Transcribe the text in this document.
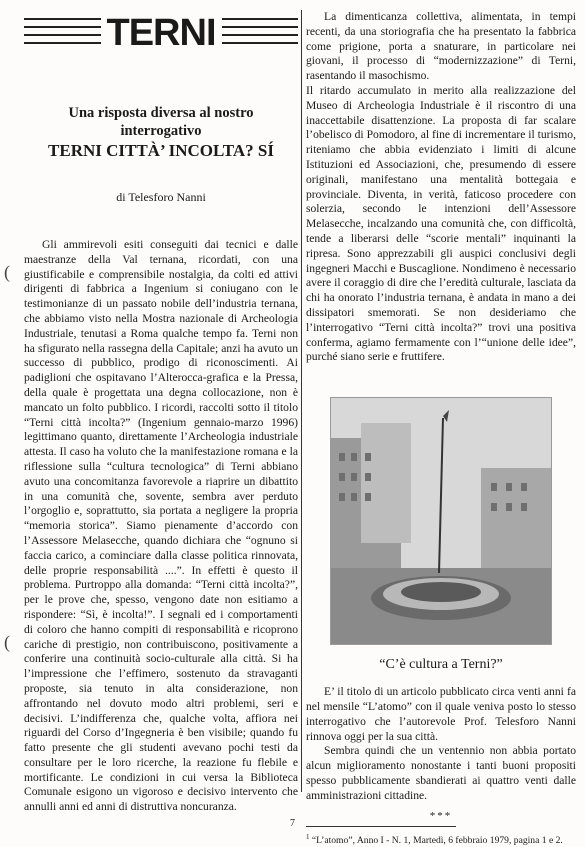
(
(
TERNI
Una risposta diversa al nostro
interrogativo
TERNI CITTÀ’ INCOLTA? SÍ
di Telesforo Nanni

Gli ammirevoli esiti conseguiti dai tecnici e dalle maestranze della Val ternana, ricordati, con una giustificabile e comprensibile nostalgia, da colti ed attivi dirigenti di fabbrica a Ingenium si coniugano con le testimonianze di un passato nobile dell’industria ternana, che abbiamo visto nella Mostra nazionale di Archeologia Industriale, tenutasi a Roma qualche tempo fa. Terni non ha sfigurato nella rassegna della Capitale; anzi ha avuto un successo di pubblico, prodigo di riconoscimenti. Ai padiglioni che ospitavano l’Alterocca-grafica e la Pressa, della quale è progettata una degna collocazione, non è mancato un folto pubblico. I ricordi, raccolti sotto il titolo “Terni città incolta?” (Ingenium gennaio-marzo 1996) legittimano quanto, direttamente l’Archeologia industriale attesta. Il caso ha voluto che la manifestazione romana e la riflessione sulla “cultura tecnologica” di Terni abbiano avuto una concomitanza favorevole a riaprire un dibattito in una comunità che, sovente, sembra aver perduto l’orgoglio e, soprattutto, sia portata a negligere la propria “memoria storica”. Siamo pienamente d’accordo con l’Assessore Melasecche, quando dichiara che “ognuno si faccia carico, a cominciare dalla classe politica rinnovata, delle proprie responsabilità ....”. In effetti è questo il problema. Purtroppo alla domanda: “Terni città incolta?”, per le prove che, spesso, vengono date non esitiamo a rispondere: “Sì, è incolta!”. I segnali ed i comportamenti di coloro che hanno compiti di responsabilità e ricoprono cariche di prestigio, non contribuiscono, positivamente a conferire una continuità socio-culturale alla città. Si ha l’impressione che l’effimero, sostenuto da stravaganti proposte, sia tenuto in alta considerazione, non affrontando nel dovuto modo altri problemi, seri e decisivi. L’indifferenza che, qualche volta, affiora nei riguardi del Corso d’Ingegneria è ben visibile; quando fu fatto presente che gli studenti avevano pochi testi da consultare per le loro ricerche, la reazione fu flebile e mortificante. Le condizioni in cui versa la Biblioteca Comunale esigono un vigoroso e decisivo intervento che annulli anni ed anni di distruttiva noncuranza.

La dimenticanza collettiva, alimentata, in tempi recenti, da una storiografia che ha presentato la fabbrica come prigione, porta a snaturare, in particolare nei giovani, il processo di “modernizzazione” di Terni, rasentando il masochismo.

Il ritardo accumulato in merito alla realizzazione del Museo di Archeologia Industriale è il riscontro di una inaccettabile disattenzione. La proposta di far scalare l’obelisco di Pomodoro, al fine di incrementare il turismo, riteniamo che abbia evidenziato i limiti di alcune Istituzioni ed Associazioni, che, presumendo di essere originali, manifestano una mentalità bottegaia e provinciale. Diventa, in verità, faticoso procedere con solerzia, secondo le intenzioni dell’Assessore Melasecche, incalzando una comunità che, con difficoltà, tende a liberarsi delle “scorie mentali” inquinanti la ripresa. Sono apprezzabili gli auspici conclusivi degli ingegneri Macchi e Buscaglione. Nondimeno è necessario avere il coraggio di dire che l’eredità culturale, lasciata da chi ha onorato l’industria ternana, è andata in mano a dei dissipatori smemorati. Se non desideriamo che l’interrogativo “Terni città incolta?” trovi una positiva conferma, agiamo fermamente con l’“unione delle idee”, purché siano serie e fruttifere.

“C’è cultura a Terni?”

E’ il titolo di un articolo pubblicato circa venti anni fa nel mensile “L’atomo” con il quale veniva posto lo stesso interrogativo che l’autorevole Prof. Telesforo Nanni rinnova oggi per la sua città.

Sembra quindi che un ventennio non abbia portato alcun miglioramento nonostante i tanti buoni propositi spesso pubblicamente sbandierati ai quattro venti dalle amministrazioni cittadine.

***
$^1$ “L’atomo”, Anno I - N. 1, Martedì, 6 febbraio 1979, pagina 1 e 2.
7
